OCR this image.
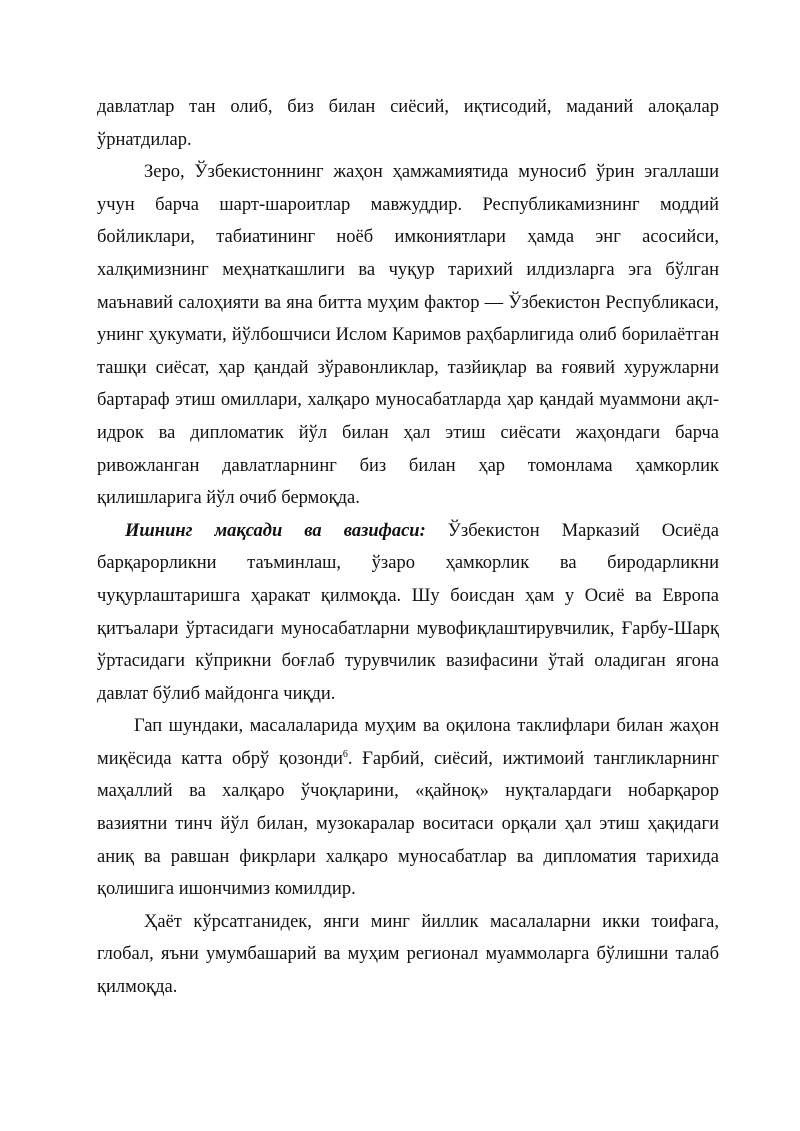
давлатлар тан олиб, биз билан сиёсий, иқтисодий, маданий алоқалар ўрнатдилар.

Зеро, Ўзбекистоннинг жаҳон ҳамжамиятида муносиб ўрин эгаллаши учун барча шарт-шароитлар мавжуддир. Республикамизнинг моддий бойликлари, табиатининг ноёб имкониятлари ҳамда энг асосийси, халқимизнинг меҳнаткашлиги ва чуқур тарихий илдизларга эга бўлган маънавий салоҳияти ва яна битта муҳим фактор — Ўзбекистон Республикаси, унинг ҳукумати, йўлбошчиси Ислом Каримов раҳбарлигида олиб борилаётган ташқи сиёсат, ҳар қандай зўравонликлар, тазйиқлар ва ғоявий хуружларни бартараф этиш омиллари, халқаро муносабатларда ҳар қандай муаммони ақл-идрок ва дипломатик йўл билан ҳал этиш сиёсати жаҳондаги барча ривожланган давлатларнинг биз билан ҳар томонлама ҳамкорлик қилишларига йўл очиб бермоқда.

Ишнинг мақсади ва вазифаси: Ўзбекистон Марказий Осиёда барқарорликни таъминлаш, ўзаро ҳамкорлик ва биродарликни чуқурлаштаришга ҳаракат қилмоқда. Шу боисдан ҳам у Осиё ва Европа қитъалари ўртасидаги муносабатларни мувофиқлаштирувчилик, Ғарбу-Шарқ ўртасидаги кўприкни боғлаб турувчилик вазифасини ўтай оладиган ягона давлат бўлиб майдонга чиқди.

Гап шундаки, масалаларида муҳим ва оқилона таклифлари билан жаҳон миқёсида катта обрў қозонди$^6$. Ғарбий, сиёсий, ижтимоий тангликларнинг маҳаллий ва халқаро ўчоқларини, «қайноқ» нуқталардаги нобарқарор вазиятни тинч йўл билан, музокаралар воситаси орқали ҳал этиш ҳақидаги аниқ ва равшан фикрлари халқаро муносабатлар ва дипломатия тарихида қолишига ишончимиз комилдир.

Ҳаёт кўрсатганидек, янги минг йиллик масалаларни икки тоифага, глобал, яъни умумбашарий ва муҳим регионал муаммоларга бўлишни талаб қилмоқда.
